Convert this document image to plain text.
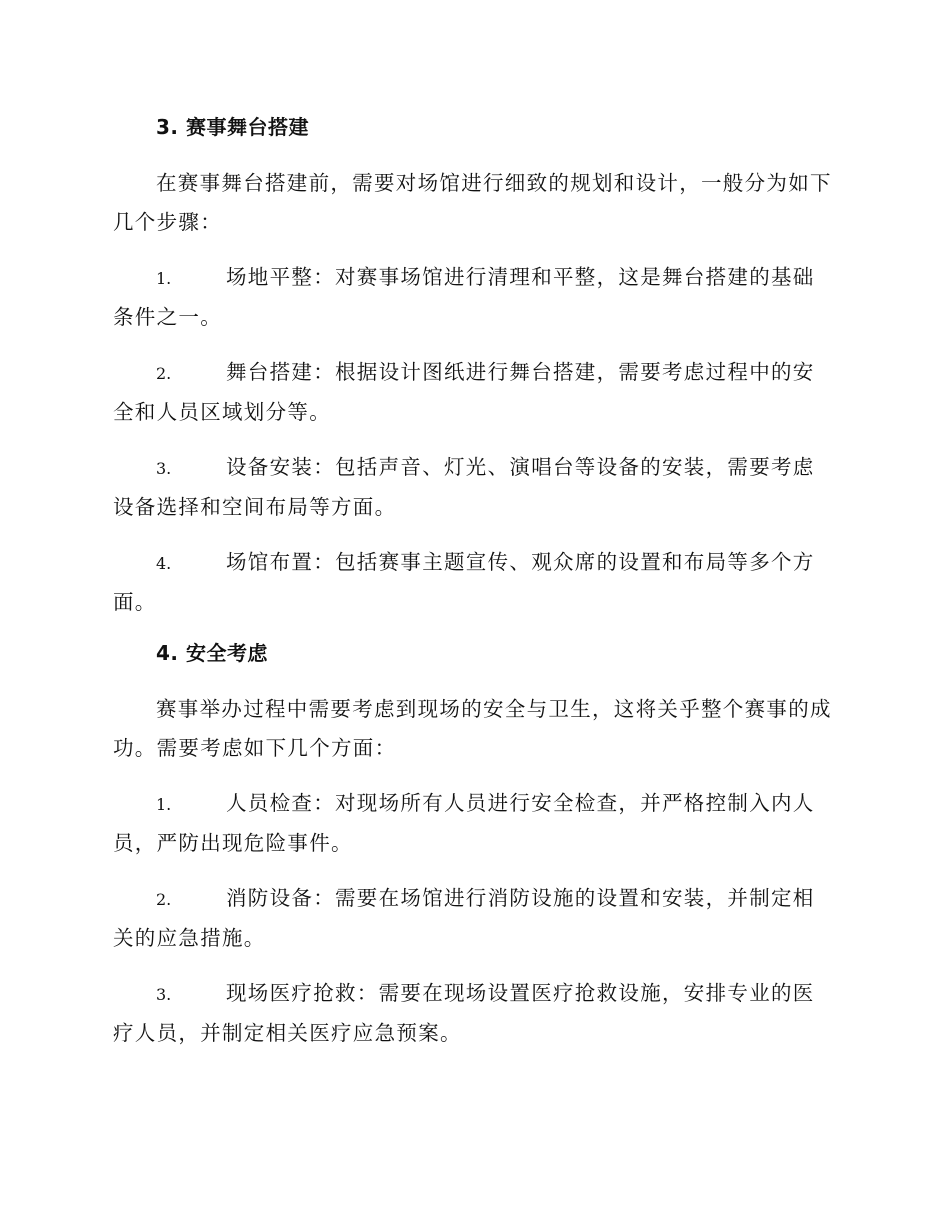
3. 赛事舞台搭建

在赛事舞台搭建前，需要对场馆进行细致的规划和设计，一般分为如下几个步骤：

1.	场地平整：对赛事场馆进行清理和平整，这是舞台搭建的基础条件之一。

2.	舞台搭建：根据设计图纸进行舞台搭建，需要考虑过程中的安全和人员区域划分等。

3.	设备安装：包括声音、灯光、演唱台等设备的安装，需要考虑设备选择和空间布局等方面。

4.	场馆布置：包括赛事主题宣传、观众席的设置和布局等多个方面。

4. 安全考虑

赛事举办过程中需要考虑到现场的安全与卫生，这将关乎整个赛事的成功。需要考虑如下几个方面：

1.	人员检查：对现场所有人员进行安全检查，并严格控制入内人员，严防出现危险事件。

2.	消防设备：需要在场馆进行消防设施的设置和安装，并制定相关的应急措施。

3.	现场医疗抢救：需要在现场设置医疗抢救设施，安排专业的医疗人员，并制定相关医疗应急预案。
